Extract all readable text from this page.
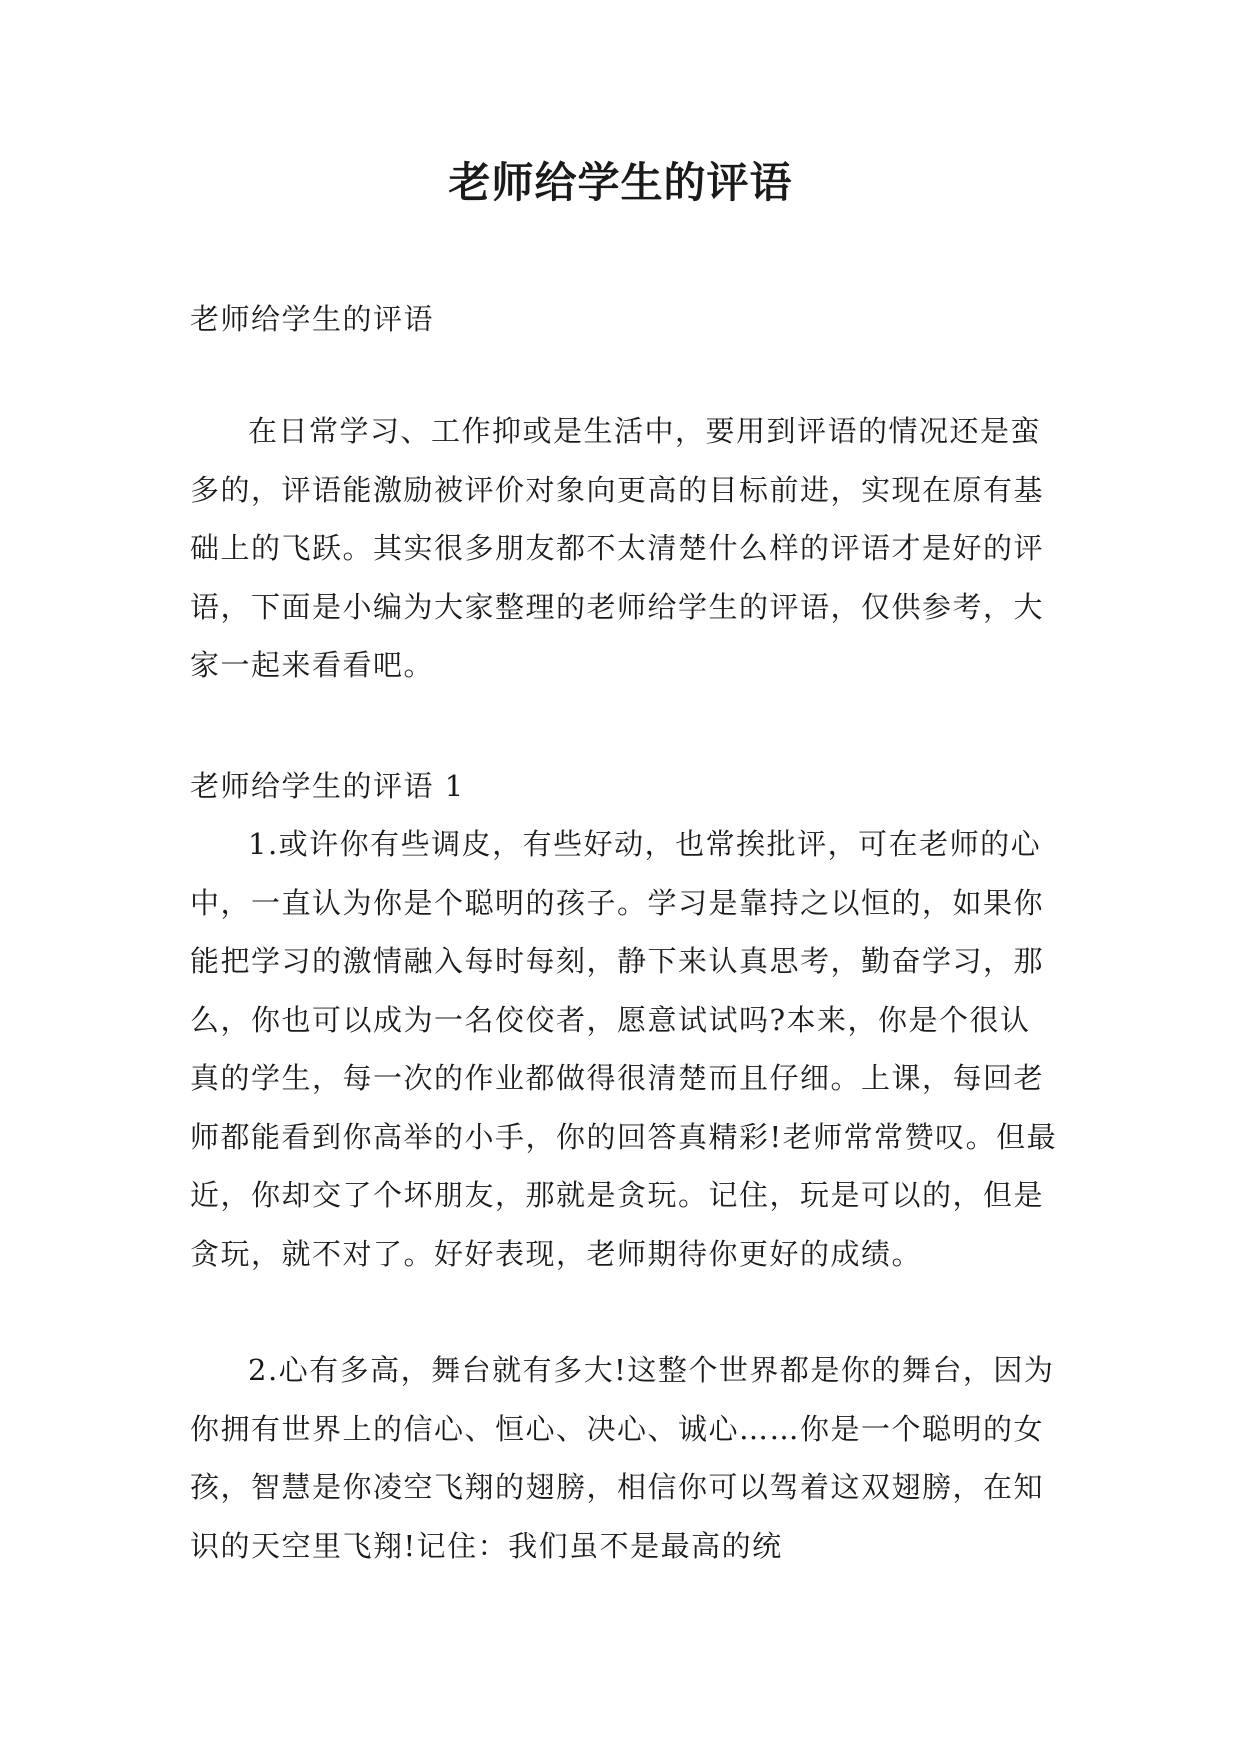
老师给学生的评语

老师给学生的评语

在日常学习、工作抑或是生活中，要用到评语的情况还是蛮多的，评语能激励被评价对象向更高的目标前进，实现在原有基础上的飞跃。其实很多朋友都不太清楚什么样的评语才是好的评语，下面是小编为大家整理的老师给学生的评语，仅供参考，大家一起来看看吧。

老师给学生的评语 1

1.或许你有些调皮，有些好动，也常挨批评，可在老师的心中，一直认为你是个聪明的孩子。学习是靠持之以恒的，如果你能把学习的激情融入每时每刻，静下来认真思考，勤奋学习，那么，你也可以成为一名佼佼者，愿意试试吗?本来，你是个很认真的学生，每一次的作业都做得很清楚而且仔细。上课，每回老师都能看到你高举的小手，你的回答真精彩!老师常常赞叹。但最近，你却交了个坏朋友，那就是贪玩。记住，玩是可以的，但是贪玩，就不对了。好好表现，老师期待你更好的成绩。

2.心有多高，舞台就有多大!这整个世界都是你的舞台，因为你拥有世界上的信心、恒心、决心、诚心……你是一个聪明的女孩，智慧是你凌空飞翔的翅膀，相信你可以驾着这双翅膀，在知识的天空里飞翔!记住：我们虽不是最高的统
